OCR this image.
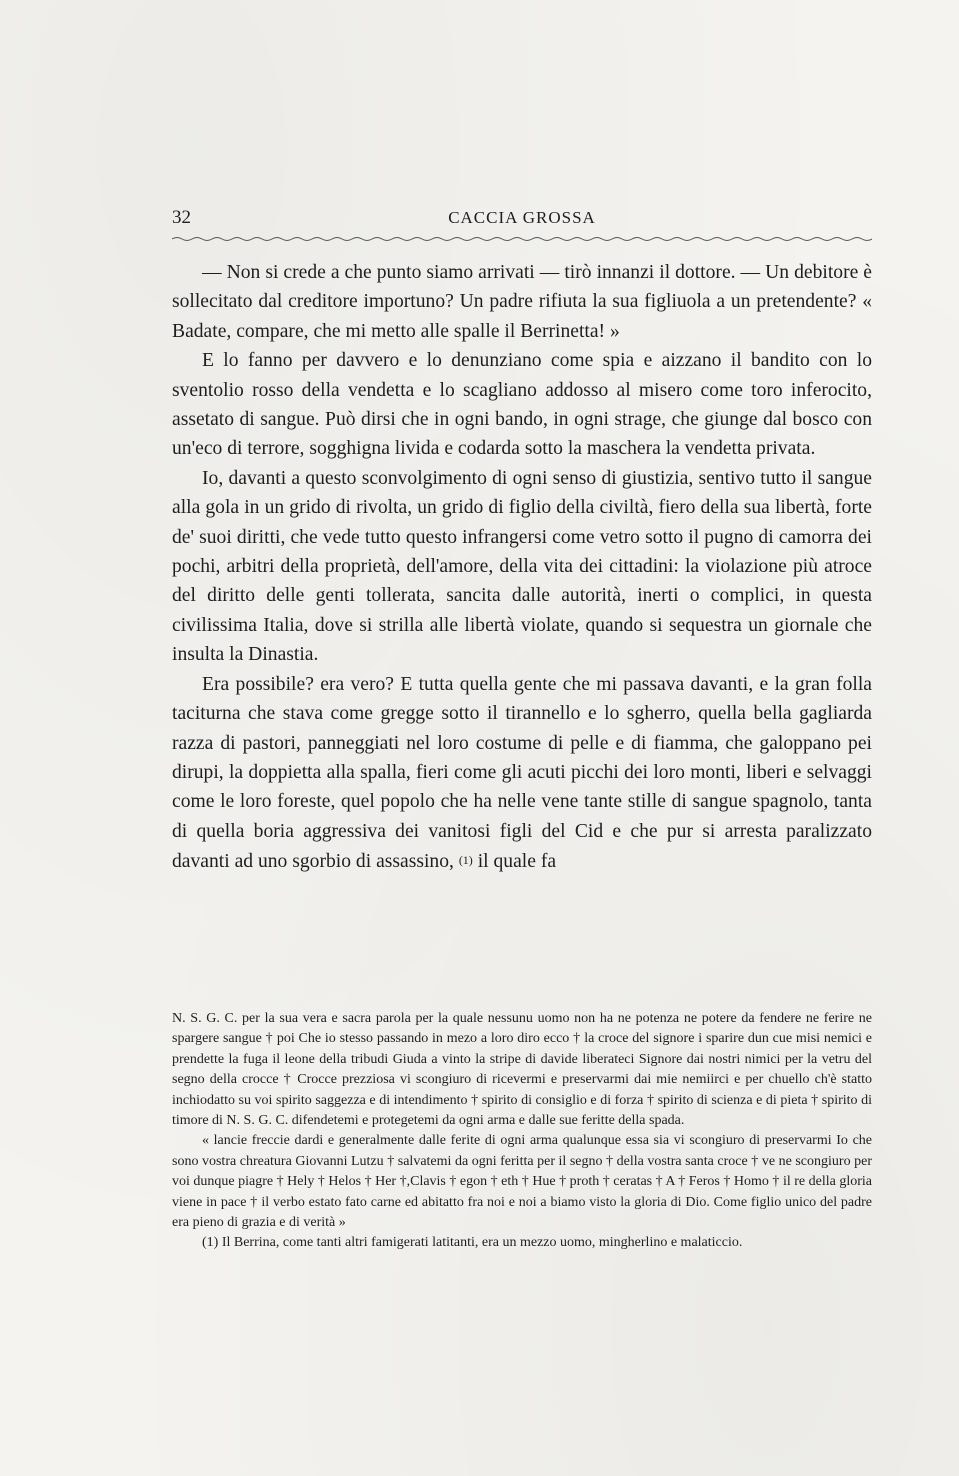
32	CACCIA GROSSA

— Non si crede a che punto siamo arrivati — tirò innanzi il dottore. — Un debitore è sollecitato dal creditore importuno? Un padre rifiuta la sua figliuola a un pretendente? « Badate, compare, che mi metto alle spalle il Berrinetta! »

E lo fanno per davvero e lo denunziano come spia e aizzano il bandito con lo sventolio rosso della vendetta e lo scagliano addosso al misero come toro inferocito, assetato di sangue. Può dirsi che in ogni bando, in ogni strage, che giunge dal bosco con un'eco di terrore, sogghigna livida e codarda sotto la maschera la vendetta privata.

Io, davanti a questo sconvolgimento di ogni senso di giustizia, sentivo tutto il sangue alla gola in un grido di rivolta, un grido di figlio della civiltà, fiero della sua libertà, forte de' suoi diritti, che vede tutto questo infrangersi come vetro sotto il pugno di camorra dei pochi, arbitri della proprietà, dell'amore, della vita dei cittadini: la violazione più atroce del diritto delle genti tollerata, sancita dalle autorità, inerti o complici, in questa civilissima Italia, dove si strilla alle libertà violate, quando si sequestra un giornale che insulta la Dinastia.

Era possibile? era vero? E tutta quella gente che mi passava davanti, e la gran folla taciturna che stava come gregge sotto il tirannello e lo sgherro, quella bella gagliarda razza di pastori, panneggiati nel loro costume di pelle e di fiamma, che galoppano pei dirupi, la doppietta alla spalla, fieri come gli acuti picchi dei loro monti, liberi e selvaggi come le loro foreste, quel popolo che ha nelle vene tante stille di sangue spagnolo, tanta di quella boria aggressiva dei vanitosi figli del Cid e che pur si arresta paralizzato davanti ad uno sgorbio di assassino, (1) il quale fa

N. S. G. C. per la sua vera e sacra parola per la quale nessunu uomo non ha ne potenza ne potere da fendere ne ferire ne spargere sangue † poi Che io stesso passando in mezo a loro diro ecco † la croce del signore i sparire dun cue misi nemici e prendette la fuga il leone della tribudi Giuda a vinto la stripe di davide liberateci Signore dai nostri nimici per la vetru del segno della crocce † Crocce prezziosa vi scongiuro di ricevermi e preservarmi dai mie nemiirci e per chuello ch'è statto inchiodatto su voi spirito saggezza e di intendimento † spirito di consiglio e di forza † spirito di scienza e di pieta † spirito di timore di N. S. G. C. difendetemi e protegetemi da ogni arma e dalle sue feritte della spada.

« lancie freccie dardi e generalmente dalle ferite di ogni arma qualunque essa sia vi scongiuro di preservarmi Io che sono vostra chreatura Giovanni Lutzu † salvatemi da ogni feritta per il segno † della vostra santa croce † ve ne scongiuro per voi dunque piagre † Hely † Helos † Her †,Clavis † egon † eth † Hue † proth † ceratas † A † Feros † Homo † il re della gloria viene in pace † il verbo estato fato carne ed abitatto fra noi e noi a biamo visto la gloria di Dio. Come figlio unico del padre era pieno di grazia e di verità »

(1) Il Berrina, come tanti altri famigerati latitanti, era un mezzo uomo, mingherlino e malaticcio.
